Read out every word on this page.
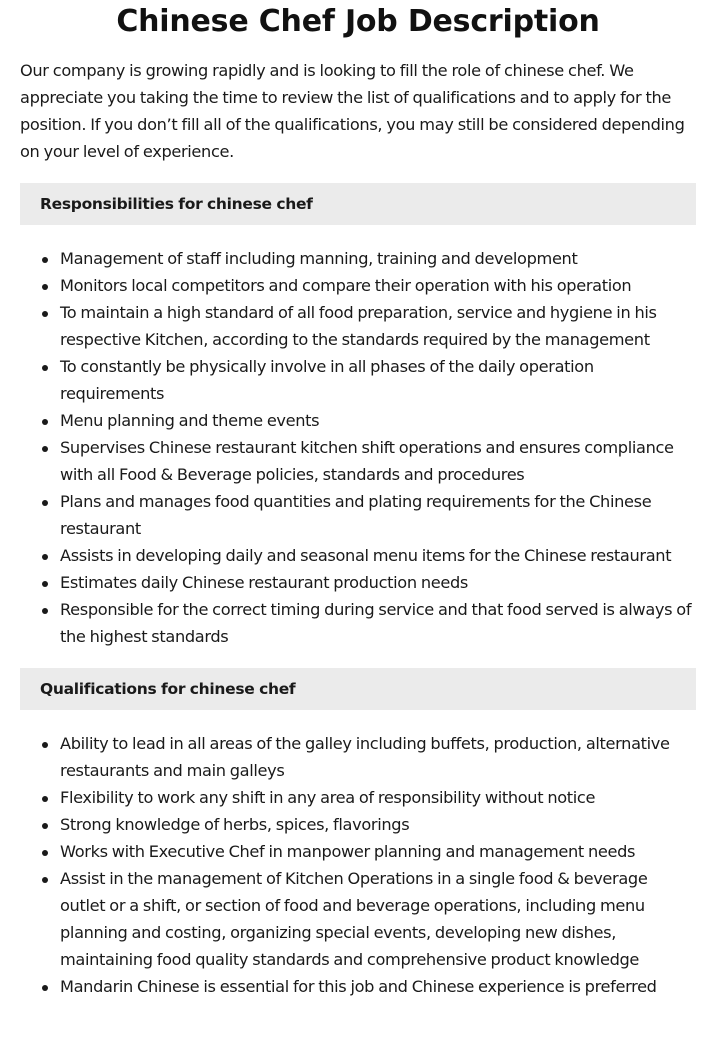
Chinese Chef Job Description

Our company is growing rapidly and is looking to fill the role of chinese chef. We appreciate you taking the time to review the list of qualifications and to apply for the position. If you don’t fill all of the qualifications, you may still be considered depending on your level of experience.

Responsibilities for chinese chef
Management of staff including manning, training and development
Monitors local competitors and compare their operation with his operation
To maintain a high standard of all food preparation, service and hygiene in his respective Kitchen, according to the standards required by the management
To constantly be physically involve in all phases of the daily operation requirements
Menu planning and theme events
Supervises Chinese restaurant kitchen shift operations and ensures compliance with all Food & Beverage policies, standards and procedures
Plans and manages food quantities and plating requirements for the Chinese restaurant
Assists in developing daily and seasonal menu items for the Chinese restaurant
Estimates daily Chinese restaurant production needs
Responsible for the correct timing during service and that food served is always of the highest standards
Qualifications for chinese chef
Ability to lead in all areas of the galley including buffets, production, alternative restaurants and main galleys
Flexibility to work any shift in any area of responsibility without notice
Strong knowledge of herbs, spices, flavorings
Works with Executive Chef in manpower planning and management needs
Assist in the management of Kitchen Operations in a single food & beverage outlet or a shift, or section of food and beverage operations, including menu planning and costing, organizing special events, developing new dishes, maintaining food quality standards and comprehensive product knowledge
Mandarin Chinese is essential for this job and Chinese experience is preferred
